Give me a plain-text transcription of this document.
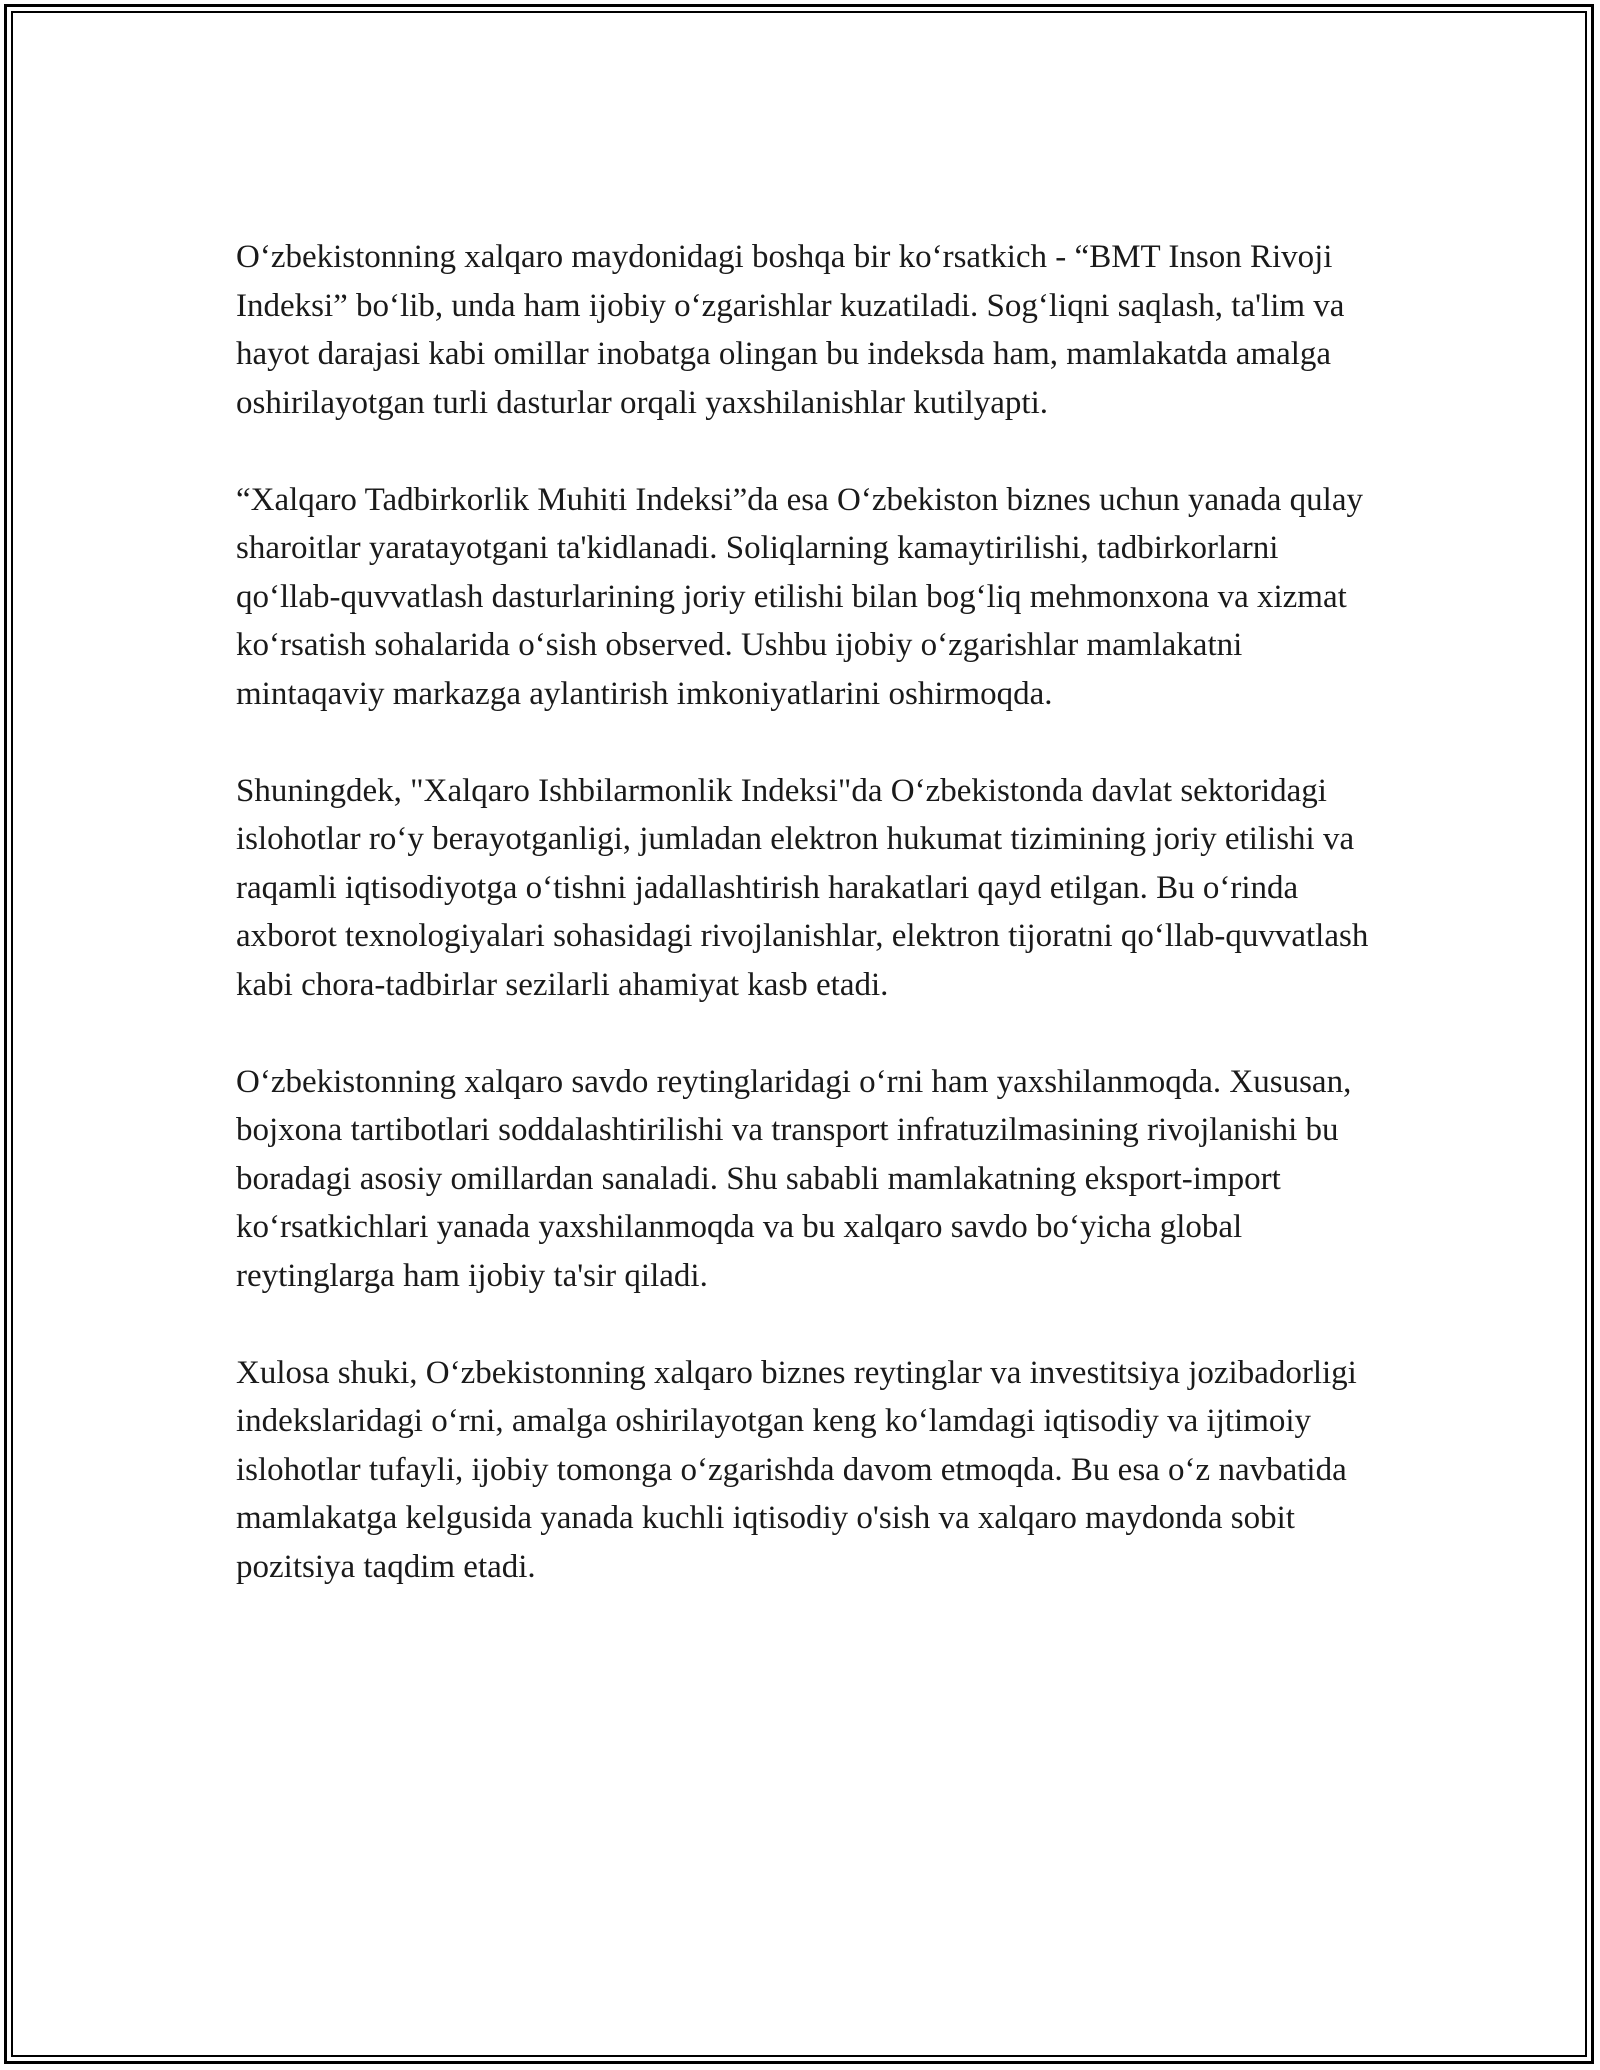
O‘zbekistonning xalqaro maydonidagi boshqa bir ko‘rsatkich - “BMT Inson Rivoji Indeksi” bo‘lib, unda ham ijobiy o‘zgarishlar kuzatiladi. Sog‘liqni saqlash, ta'lim va hayot darajasi kabi omillar inobatga olingan bu indeksda ham, mamlakatda amalga oshirilayotgan turli dasturlar orqali yaxshilanishlar kutilyapti.

“Xalqaro Tadbirkorlik Muhiti Indeksi”da esa O‘zbekiston biznes uchun yanada qulay sharoitlar yaratayotgani ta'kidlanadi. Soliqlarning kamaytirilishi, tadbirkorlarni qo‘llab-quvvatlash dasturlarining joriy etilishi bilan bog‘liq mehmonxona va xizmat ko‘rsatish sohalarida o‘sish observed. Ushbu ijobiy o‘zgarishlar mamlakatni mintaqaviy markazga aylantirish imkoniyatlarini oshirmoqda.

Shuningdek, "Xalqaro Ishbilarmonlik Indeksi"da O‘zbekistonda davlat sektoridagi islohotlar ro‘y berayotganligi, jumladan elektron hukumat tizimining joriy etilishi va raqamli iqtisodiyotga o‘tishni jadallashtirish harakatlari qayd etilgan. Bu o‘rinda axborot texnologiyalari sohasidagi rivojlanishlar, elektron tijoratni qo‘llab-quvvatlash kabi chora-tadbirlar sezilarli ahamiyat kasb etadi.

O‘zbekistonning xalqaro savdo reytinglaridagi o‘rni ham yaxshilanmoqda. Xususan, bojxona tartibotlari soddalashtirilishi va transport infratuzilmasining rivojlanishi bu boradagi asosiy omillardan sanaladi. Shu sababli mamlakatning eksport-import ko‘rsatkichlari yanada yaxshilanmoqda va bu xalqaro savdo bo‘yicha global reytinglarga ham ijobiy ta'sir qiladi.

Xulosa shuki, O‘zbekistonning xalqaro biznes reytinglar va investitsiya jozibadorligi indekslaridagi o‘rni, amalga oshirilayotgan keng ko‘lamdagi iqtisodiy va ijtimoiy islohotlar tufayli, ijobiy tomonga o‘zgarishda davom etmoqda. Bu esa o‘z navbatida mamlakatga kelgusida yanada kuchli iqtisodiy o'sish va xalqaro maydonda sobit pozitsiya taqdim etadi.
